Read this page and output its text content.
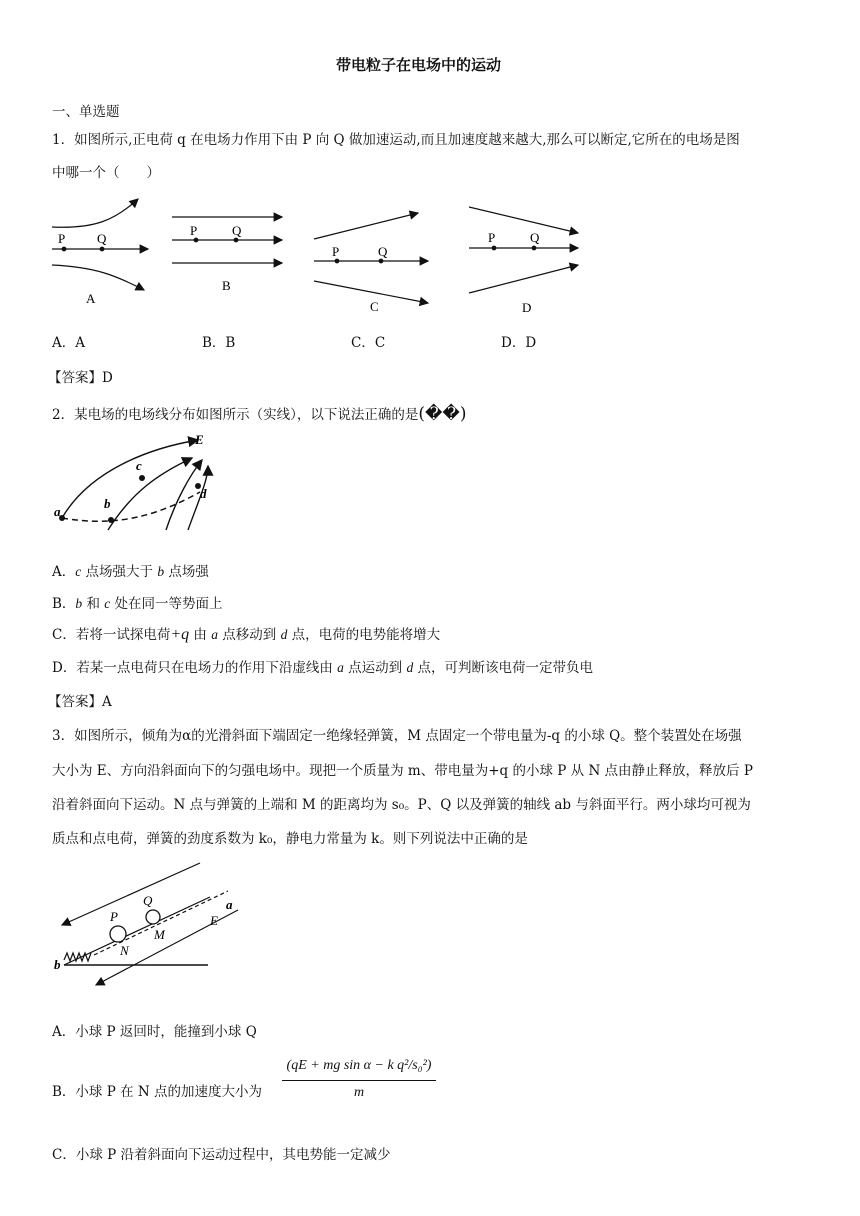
带电粒子在电场中的运动
一、单选题
1．如图所示,正电荷 q 在电场力作用下由 P 向 Q 做加速运动,而且加速度越来越大,那么可以断定,它所在的电场是图
中哪一个（　　）
P Q
A
P	Q
B
P	Q
C
P	Q
D
A．A	B．B	C．C	D．D
【答案】D
2．某电场的电场线分布如图所示（实线），以下说法正确的是(��)
E
a
b
c
d
A．c 点场强大于 b 点场强
B．b 和 c 处在同一等势面上
C．若将一试探电荷+q 由 a 点移动到 d 点，电荷的电势能将增大
D．若某一点电荷只在电场力的作用下沿虚线由 a 点运动到 d 点，可判断该电荷一定带负电
【答案】A
3．如图所示，倾角为α的光滑斜面下端固定一绝缘轻弹簧，M 点固定一个带电量为-q 的小球 Q。整个装置处在场强
大小为 E、方向沿斜面向下的匀强电场中。现把一个质量为 m、带电量为+q 的小球 P 从 N 点由静止释放，释放后 P
沿着斜面向下运动。N 点与弹簧的上端和 M 的距离均为 s₀。P、Q 以及弹簧的轴线 ab 与斜面平行。两小球均可视为
质点和点电荷，弹簧的劲度系数为 k₀，静电力常量为 k。则下列说法中正确的是
P
Q
M
N
a
b
E
A．小球 P 返回时，能撞到小球 Q
B．小球 P 在 N 点的加速度大小为 $\frac{\text{(qE + mg sin α − k q²/s₀²)}}{m}$
C．小球 P 沿着斜面向下运动过程中，其电势能一定减少
